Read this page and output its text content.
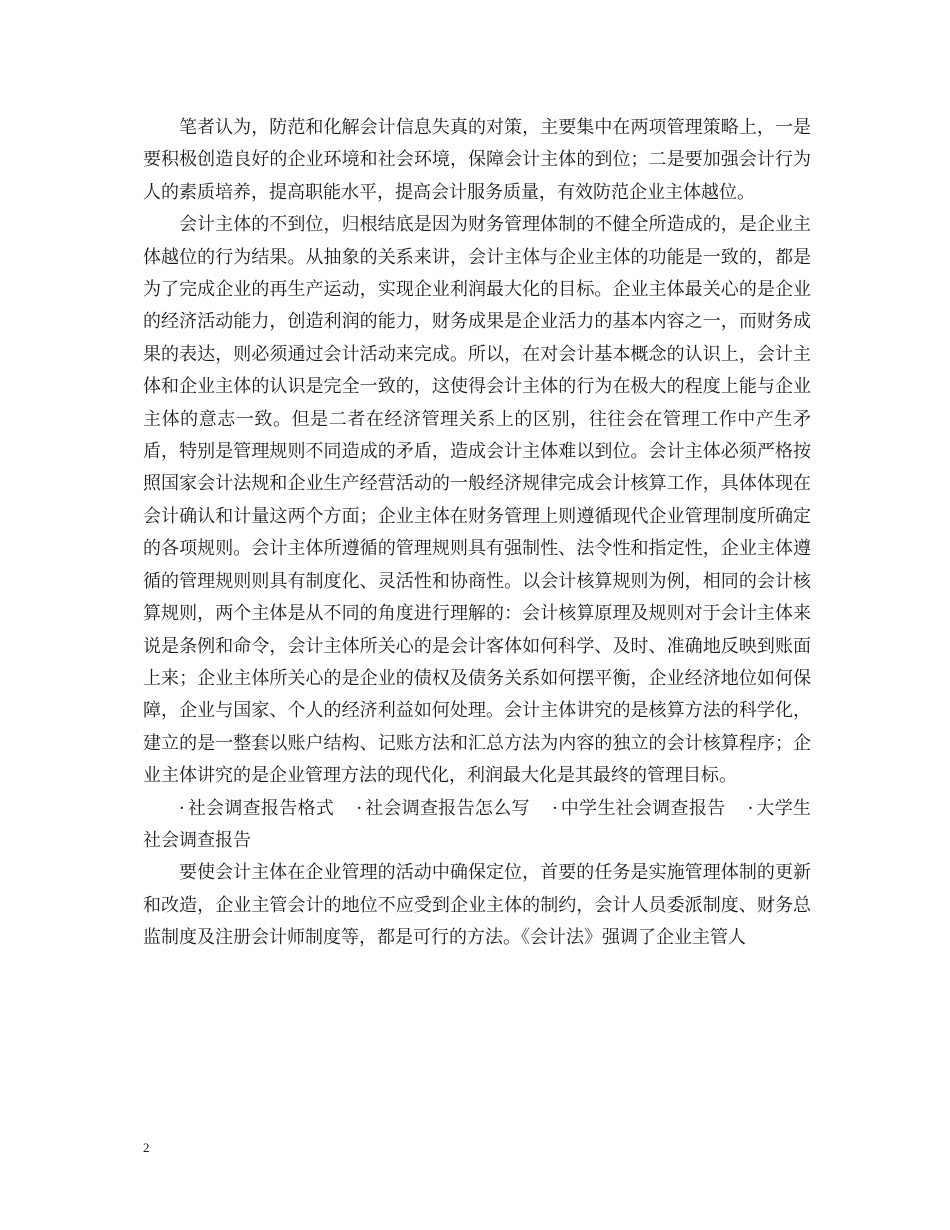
笔者认为，防范和化解会计信息失真的对策，主要集中在两项管理策略上，一是要积极创造良好的企业环境和社会环境，保障会计主体的到位；二是要加强会计行为人的素质培养，提高职能水平，提高会计服务质量，有效防范企业主体越位。

会计主体的不到位，归根结底是因为财务管理体制的不健全所造成的，是企业主体越位的行为结果。从抽象的关系来讲，会计主体与企业主体的功能是一致的，都是为了完成企业的再生产运动，实现企业利润最大化的目标。企业主体最关心的是企业的经济活动能力，创造利润的能力，财务成果是企业活力的基本内容之一，而财务成果的表达，则必须通过会计活动来完成。所以，在对会计基本概念的认识上，会计主体和企业主体的认识是完全一致的，这使得会计主体的行为在极大的程度上能与企业主体的意志一致。但是二者在经济管理关系上的区别，往往会在管理工作中产生矛盾，特别是管理规则不同造成的矛盾，造成会计主体难以到位。会计主体必须严格按照国家会计法规和企业生产经营活动的一般经济规律完成会计核算工作，具体体现在会计确认和计量这两个方面；企业主体在财务管理上则遵循现代企业管理制度所确定的各项规则。会计主体所遵循的管理规则具有强制性、法令性和指定性，企业主体遵循的管理规则则具有制度化、灵活性和协商性。以会计核算规则为例，相同的会计核算规则，两个主体是从不同的角度进行理解的：会计核算原理及规则对于会计主体来说是条例和命令，会计主体所关心的是会计客体如何科学、及时、准确地反映到账面上来；企业主体所关心的是企业的债权及债务关系如何摆平衡，企业经济地位如何保障，企业与国家、个人的经济利益如何处理。会计主体讲究的是核算方法的科学化，建立的是一整套以账户结构、记账方法和汇总方法为内容的独立的会计核算程序；企业主体讲究的是企业管理方法的现代化，利润最大化是其最终的管理目标。

· 社会调查报告格式 · 社会调查报告怎么写 · 中学生社会调查报告 · 大学生社会调查报告

要使会计主体在企业管理的活动中确保定位，首要的任务是实施管理体制的更新和改造，企业主管会计的地位不应受到企业主体的制约，会计人员委派制度、财务总监制度及注册会计师制度等，都是可行的方法。《会计法》强调了企业主管人

2
